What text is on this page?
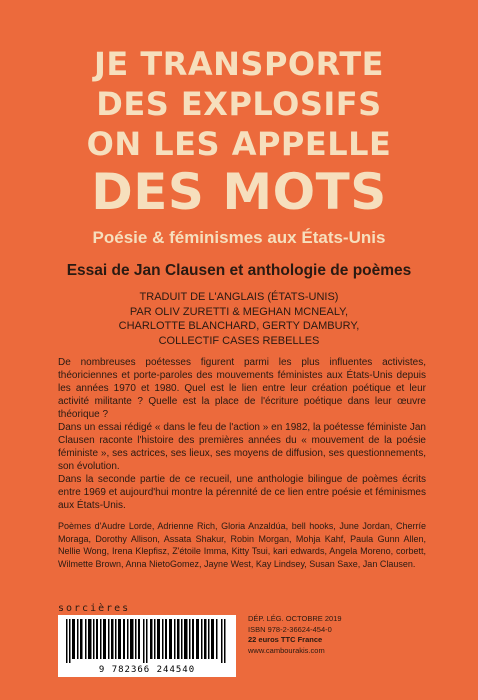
JE TRANSPORTE
DES EXPLOSIFS
ON LES APPELLE
DES MOTS
Poésie & féminismes aux États-Unis
Essai de Jan Clausen et anthologie de poèmes
TRADUIT DE L'ANGLAIS (ÉTATS-UNIS)
PAR OLIV ZURETTI & MEGHAN MCNEALY,
CHARLOTTE BLANCHARD, GERTY DAMBURY,
COLLECTIF CASES REBELLES

De nombreuses poétesses figurent parmi les plus influentes activistes, théoriciennes et porte-paroles des mouvements féministes aux États-Unis depuis les années 1970 et 1980. Quel est le lien entre leur création poétique et leur activité militante ? Quelle est la place de l'écriture poétique dans leur œuvre théorique ?

Dans un essai rédigé « dans le feu de l'action » en 1982, la poétesse féministe Jan Clausen raconte l'histoire des premières années du « mouvement de la poésie féministe », ses actrices, ses lieux, ses moyens de diffusion, ses questionnements, son évolution.

Dans la seconde partie de ce recueil, une anthologie bilingue de poèmes écrits entre 1969 et aujourd'hui montre la pérennité de ce lien entre poésie et féminismes aux États-Unis.

Poèmes d'Audre Lorde, Adrienne Rich, Gloria Anzaldúa, bell hooks, June Jordan, Cherríe Moraga, Dorothy Allison, Assata Shakur, Robin Morgan, Mohja Kahf, Paula Gunn Allen, Nellie Wong, Irena Klepfisz, Z'étoile Imma, Kitty Tsui, kari edwards, Angela Moreno, corbett, Wilmette Brown, Anna NietoGomez, Jayne West, Kay Lindsey, Susan Saxe, Jan Clausen.
sorcières
9 782366 244540
DÉP. LÉG. OCTOBRE 2019
ISBN 978-2-36624-454-0
22 euros TTC France
www.cambourakis.com
